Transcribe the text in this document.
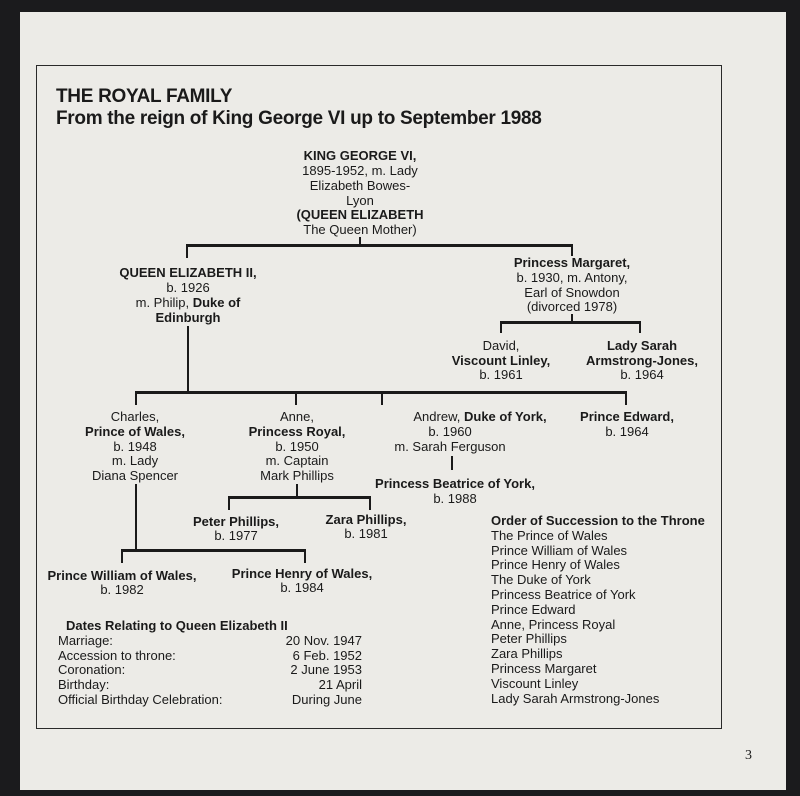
THE ROYAL FAMILY
From the reign of King George VI up to September 1988
KING GEORGE VI,
1895-1952, m. Lady
Elizabeth Bowes-
Lyon
(QUEEN ELIZABETH
The Queen Mother)
QUEEN ELIZABETH II,
b. 1926
m. Philip, Duke of
Edinburgh
Princess Margaret,
b. 1930, m. Antony,
Earl of Snowdon
(divorced 1978)
David,
Viscount Linley,
b. 1961
Lady Sarah
Armstrong-Jones,
b. 1964
Charles,
Prince of Wales,
b. 1948
m. Lady
Diana Spencer
Anne,
Princess Royal,
b. 1950
m. Captain
Mark Phillips
Andrew, Duke of York,
b. 1960
m. Sarah Ferguson
Prince Edward,
b. 1964
Princess Beatrice of York,
b. 1988
Peter Phillips,
b. 1977
Zara Phillips,
b. 1981
Prince William of Wales,
b. 1982
Prince Henry of Wales,
b. 1984
Dates Relating to Queen Elizabeth II
Marriage:	20 Nov. 1947
Accession to throne:	6 Feb. 1952
Coronation:	2 June 1953
Birthday:	21 April
Official Birthday Celebration:	During June
Order of Succession to the Throne
The Prince of Wales
Prince William of Wales
Prince Henry of Wales
The Duke of York
Princess Beatrice of York
Prince Edward
Anne, Princess Royal
Peter Phillips
Zara Phillips
Princess Margaret
Viscount Linley
Lady Sarah Armstrong-Jones
3
